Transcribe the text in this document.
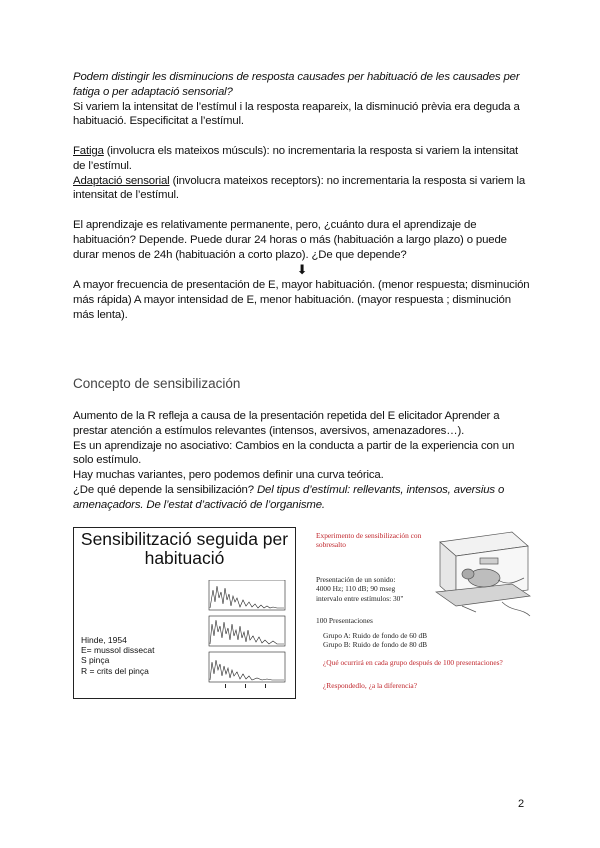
Podem distingir les disminucions de resposta causades per habituació de les causades per fatiga o per adaptació sensorial?

Si variem la intensitat de l’estímul i la resposta reapareix, la disminució prèvia era deguda a habituació. Especificitat a l’estímul.

Fatiga (involucra els mateixos músculs): no incrementaria la resposta si variem la intensitat de l’estímul.

Adaptació sensorial (involucra mateixos receptors): no incrementaria la resposta si variem la intensitat de l’estímul.

El aprendizaje es relativamente permanente, pero, ¿cuánto dura el aprendizaje de habituación? Depende. Puede durar 24 horas o más (habituación a largo plazo) o puede durar menos de 24h (habituación a corto plazo). ¿De que depende?

⬇

A mayor frecuencia de presentación de E, mayor habituación. (menor respuesta; disminución más rápida) A mayor intensidad de E, menor habituación. (mayor respuesta ; disminución más lenta).

Concepto de sensibilización

Aumento de la R refleja a causa de la presentación repetida del E elicitador Aprender a prestar atención a estímulos relevantes (intensos, aversivos, amenazadores…).

Es un aprendizaje no asociativo: Cambios en la conducta a partir de la experiencia con un solo estímulo.

Hay muchas variantes, pero podemos definir una curva teórica.

¿De qué depende la sensibilización? Del tipus d’estímul: rellevants, intensos, aversius o amenaçadors. De l’estat d’activació de l’organisme.

Sensibilització seguida per
habituació
Hinde, 1954
E= mussol dissecat
S pinça
R = crits del pinça
Experimento de sensibilización con sobresalto
Presentación de un sonido:
4000 Hz; 110 dB; 90 mseg
intervalo entre estímulos: 30"
100 Presentaciones
Grupo A: Ruido de fondo de 60 dB
Grupo B: Ruido de fondo de 80 dB
¿Qué ocurrirá en cada grupo después de 100 presentaciones?
¿Respondedlo, ¿a la diferencia?
2
